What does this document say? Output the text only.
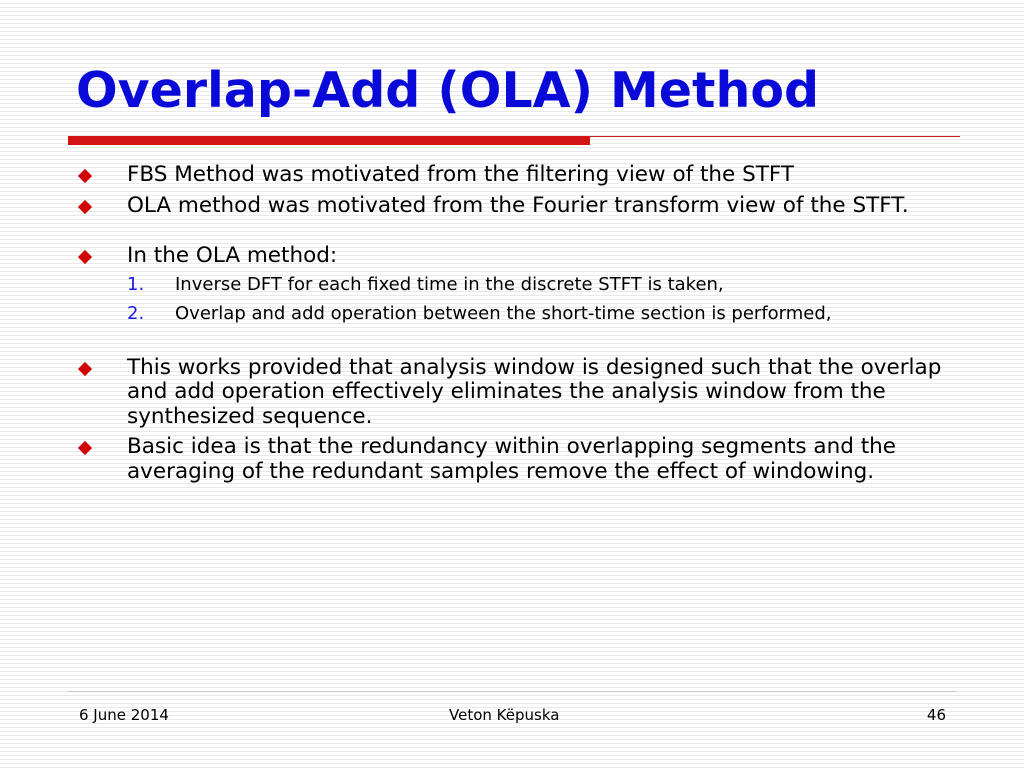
Overlap-Add (OLA) Method
FBS Method was motivated from the filtering view of the STFT
OLA method was motivated from the Fourier transform view of the STFT.
In the OLA method:
1. Inverse DFT for each fixed time in the discrete STFT is taken,
2. Overlap and add operation between the short-time section is performed,
This works provided that analysis window is designed such that the overlap and add operation effectively eliminates the analysis window from the synthesized sequence.
Basic idea is that the redundancy within overlapping segments and the averaging of the redundant samples remove the effect of windowing.
6 June 2014	Veton Këpuska	46
